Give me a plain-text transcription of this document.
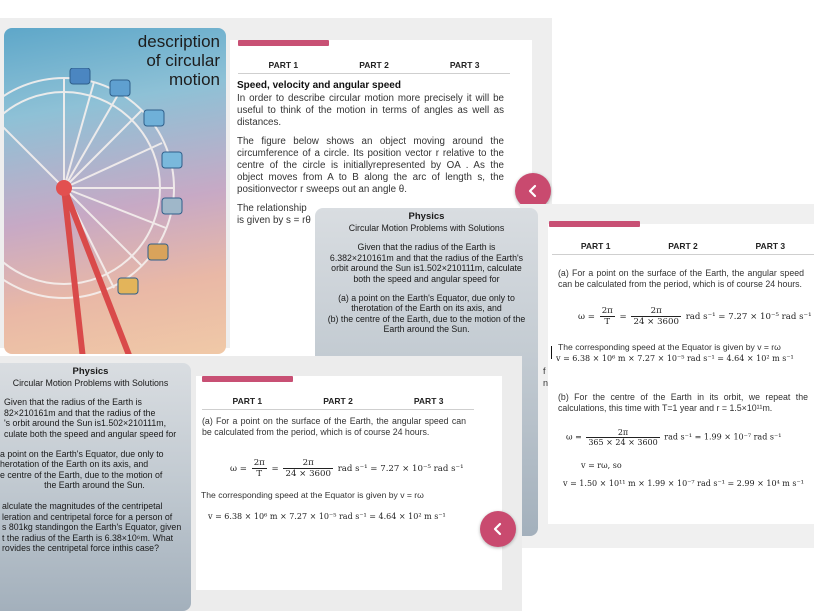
description
of circular
motion
PART 1	PART 2	PART 3
Speed, velocity and angular speed

In order to describe circular motion more precisely it will be useful to think of the motion in terms of angles as well as distances.

The figure below shows an object moving around the circumference of a circle. Its position vector r relative to the centre of the circle is initiallyrepresented by OA . As the object moves from A to B along the arc of length s, the positionvector r sweeps out an angle θ.

The relationship
is given by s = rθ
PART 1	PART 2	PART 3
(a) For a point on the surface of the Earth, the angular speed can be calculated from the period, which is of course 24 hours.
$\omega = \frac{2\pi}{T} = \frac{2\pi}{24 \times 3600}$ rad s⁻¹ = 7.27 × 10⁻⁵ rad s⁻¹
The corresponding speed at the Equator is given by v = rω
v = 6.38 × 10⁶ m × 7.27 × 10⁻⁵ rad s⁻¹ = 4.64 × 10² m s⁻¹
(b) For the centre of the Earth in its orbit, we repeat the calculations, this time with T=1 year and r = 1.5×10¹¹m.
$\omega = \frac{2\pi}{365 \times 24 \times 3600}$ rad s⁻¹ = 1.99 × 10⁻⁷ rad s⁻¹
v = rω, so
v = 1.50 × 10¹¹ m × 1.99 × 10⁻⁷ rad s⁻¹ = 2.99 × 10⁴ m s⁻¹
Physics
Circular Motion Problems with Solutions

Given that the radius of the Earth is 6.382×210161m and that the radius of the Earth's orbit around the Sun is1.502×210111m, calculate both the speed and angular speed for

(a) a point on the Earth's Equator, due only to therotation of the Earth on its axis, and

(b) the centre of the Earth, due to the motion of the Earth around the Sun.

f
n
Physics
Circular Motion Problems with Solutions
Given that the radius of the Earth is
82×210161m and that the radius of the
's orbit around the Sun is1.502×210111m,
culate both the speed and angular speed for
a point on the Earth's Equator, due only to
herotation of the Earth on its axis, and
e centre of the Earth, due to the motion of
the Earth around the Sun.
alculate the magnitudes of the centripetal
leration and centripetal force for a person of
s 801kg standingon the Earth's Equator, given
t the radius of the Earth is 6.38×10⁶m. What
rovides the centripetal force inthis case?
PART 1	PART 2	PART 3
(a) For a point on the surface of the Earth, the angular speed can be calculated from the period, which is of course 24 hours.
$\omega = \frac{2\pi}{T} = \frac{2\pi}{24 \times 3600}$ rad s⁻¹ = 7.27 × 10⁻⁵ rad s⁻¹
The corresponding speed at the Equator is given by v = rω
v = 6.38 × 10⁶ m × 7.27 × 10⁻⁵ rad s⁻¹ = 4.64 × 10² m s⁻¹
